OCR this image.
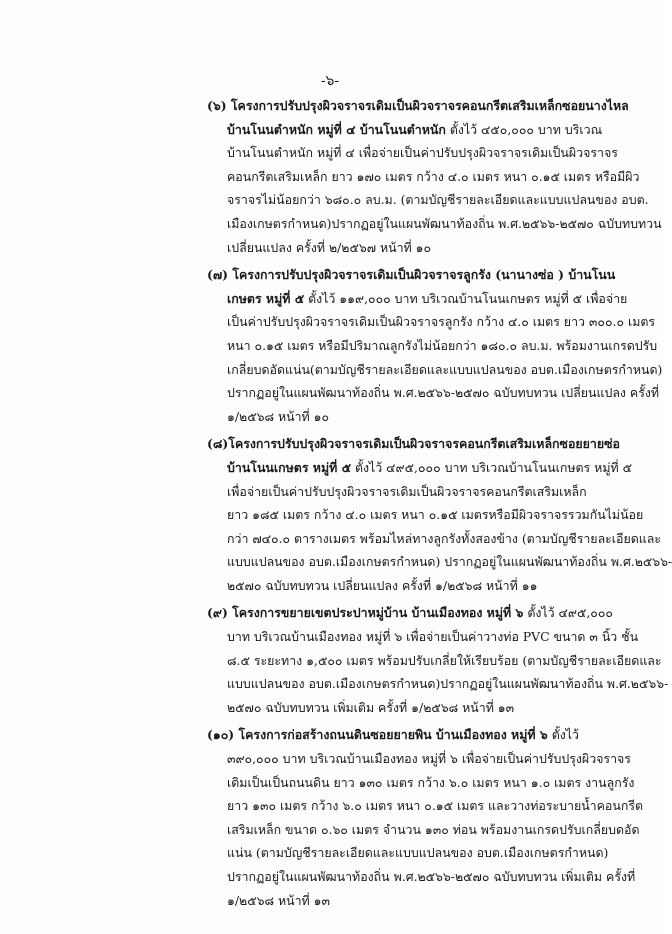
-๖-
(๖) โครงการปรับปรุงผิวจราจรเดิมเป็นผิวจราจรคอนกรีตเสริมเหล็กซอยนางไหล
บ้านโนนตำหนัก หมู่ที่ ๔ บ้านโนนตำหนัก ตั้งไว้ ๔๕๐,๐๐๐ บาท บริเวณ
บ้านโนนตำหนัก หมู่ที่ ๔ เพื่อจ่ายเป็นค่าปรับปรุงผิวจราจรเดิมเป็นผิวจราจร
คอนกรีตเสริมเหล็ก ยาว ๑๗๐ เมตร กว้าง ๔.๐ เมตร หนา ๐.๑๕ เมตร หรือมีผิว
จราจรไม่น้อยกว่า ๖๘๐.๐ ลบ.ม. (ตามบัญชีรายละเอียดและแบบแปลนของ อบต.
เมืองเกษตรกำหนด)ปรากฏอยู่ในแผนพัฒนาท้องถิ่น พ.ศ.๒๕๖๖-๒๕๗๐ ฉบับทบทวน
เปลี่ยนแปลง ครั้งที่ ๒/๒๕๖๗ หน้าที่ ๑๐
(๗) โครงการปรับปรุงผิวจราจรเดิมเป็นผิวจราจรลูกรัง (นานางซ่อ ) บ้านโนน
เกษตร หมู่ที่ ๕ ตั้งไว้ ๑๑๙,๐๐๐ บาท บริเวณบ้านโนนเกษตร หมู่ที่ ๕ เพื่อจ่าย
เป็นค่าปรับปรุงผิวจราจรเดิมเป็นผิวจราจรลูกรัง กว้าง ๔.๐ เมตร ยาว ๓๐๐.๐ เมตร
หนา ๐.๑๕ เมตร หรือมีปริมาณลูกรังไม่น้อยกว่า ๑๘๐.๐ ลบ.ม. พร้อมงานเกรดปรับ
เกลี่ยบดอัดแน่น(ตามบัญชีรายละเอียดและแบบแปลนของ อบต.เมืองเกษตรกำหนด)
ปรากฏอยู่ในแผนพัฒนาท้องถิ่น พ.ศ.๒๕๖๖-๒๕๗๐ ฉบับทบทวน เปลี่ยนแปลง ครั้งที่
๑/๒๕๖๘ หน้าที่ ๑๐
(๘)โครงการปรับปรุงผิวจราจรเดิมเป็นผิวจราจรคอนกรีตเสริมเหล็กซอยยายซ่อ
บ้านโนนเกษตร หมู่ที่ ๕ ตั้งไว้ ๔๙๕,๐๐๐ บาท บริเวณบ้านโนนเกษตร หมู่ที่ ๕
เพื่อจ่ายเป็นค่าปรับปรุงผิวจราจรเดิมเป็นผิวจราจรคอนกรีตเสริมเหล็ก
ยาว ๑๘๕ เมตร กว้าง ๔.๐ เมตร หนา ๐.๑๕ เมตรหรือมีผิวจราจรรวมกันไม่น้อย
กว่า ๗๔๐.๐ ตารางเมตร พร้อมไหล่ทางลูกรังทั้งสองข้าง (ตามบัญชีรายละเอียดและ
แบบแปลนของ อบต.เมืองเกษตรกำหนด) ปรากฏอยู่ในแผนพัฒนาท้องถิ่น พ.ศ.๒๕๖๖-
๒๕๗๐ ฉบับทบทวน เปลี่ยนแปลง ครั้งที่ ๑/๒๕๖๘ หน้าที่ ๑๑
(๙) โครงการขยายเขตประปาหมู่บ้าน บ้านเมืองทอง หมู่ที่ ๖ ตั้งไว้ ๔๙๕,๐๐๐
บาท บริเวณบ้านเมืองทอง หมู่ที่ ๖ เพื่อจ่ายเป็นค่าวางท่อ PVC ขนาด ๓ นิ้ว ชั้น
๘.๕ ระยะทาง ๑,๕๐๐ เมตร พร้อมปรับเกลี่ยให้เรียบร้อย (ตามบัญชีรายละเอียดและ
แบบแปลนของ อบต.เมืองเกษตรกำหนด)ปรากฏอยู่ในแผนพัฒนาท้องถิ่น พ.ศ.๒๕๖๖-
๒๕๗๐ ฉบับทบทวน เพิ่มเติม ครั้งที่ ๑/๒๕๖๘ หน้าที่ ๑๓
(๑๐) โครงการก่อสร้างถนนดินซอยยายพิน บ้านเมืองทอง หมู่ที่ ๖ ตั้งไว้
๓๙๐,๐๐๐ บาท บริเวณบ้านเมืองทอง หมู่ที่ ๖ เพื่อจ่ายเป็นค่าปรับปรุงผิวจราจร
เดิมเป็นเป็นถนนดิน ยาว ๑๓๐ เมตร กว้าง ๖.๐ เมตร หนา ๑.๐ เมตร งานลูกรัง
ยาว ๑๓๐ เมตร กว้าง ๖.๐ เมตร หนา ๐.๑๕ เมตร และวางท่อระบายน้ำคอนกรีต
เสริมเหล็ก ขนาด ๐.๖๐ เมตร จำนวน ๑๓๐ ท่อน พร้อมงานเกรดปรับเกลี่ยบดอัด
แน่น (ตามบัญชีรายละเอียดและแบบแปลนของ อบต.เมืองเกษตรกำหนด)
ปรากฏอยู่ในแผนพัฒนาท้องถิ่น พ.ศ.๒๕๖๖-๒๕๗๐ ฉบับทบทวน เพิ่มเติม ครั้งที่
๑/๒๕๖๘ หน้าที่ ๑๓
